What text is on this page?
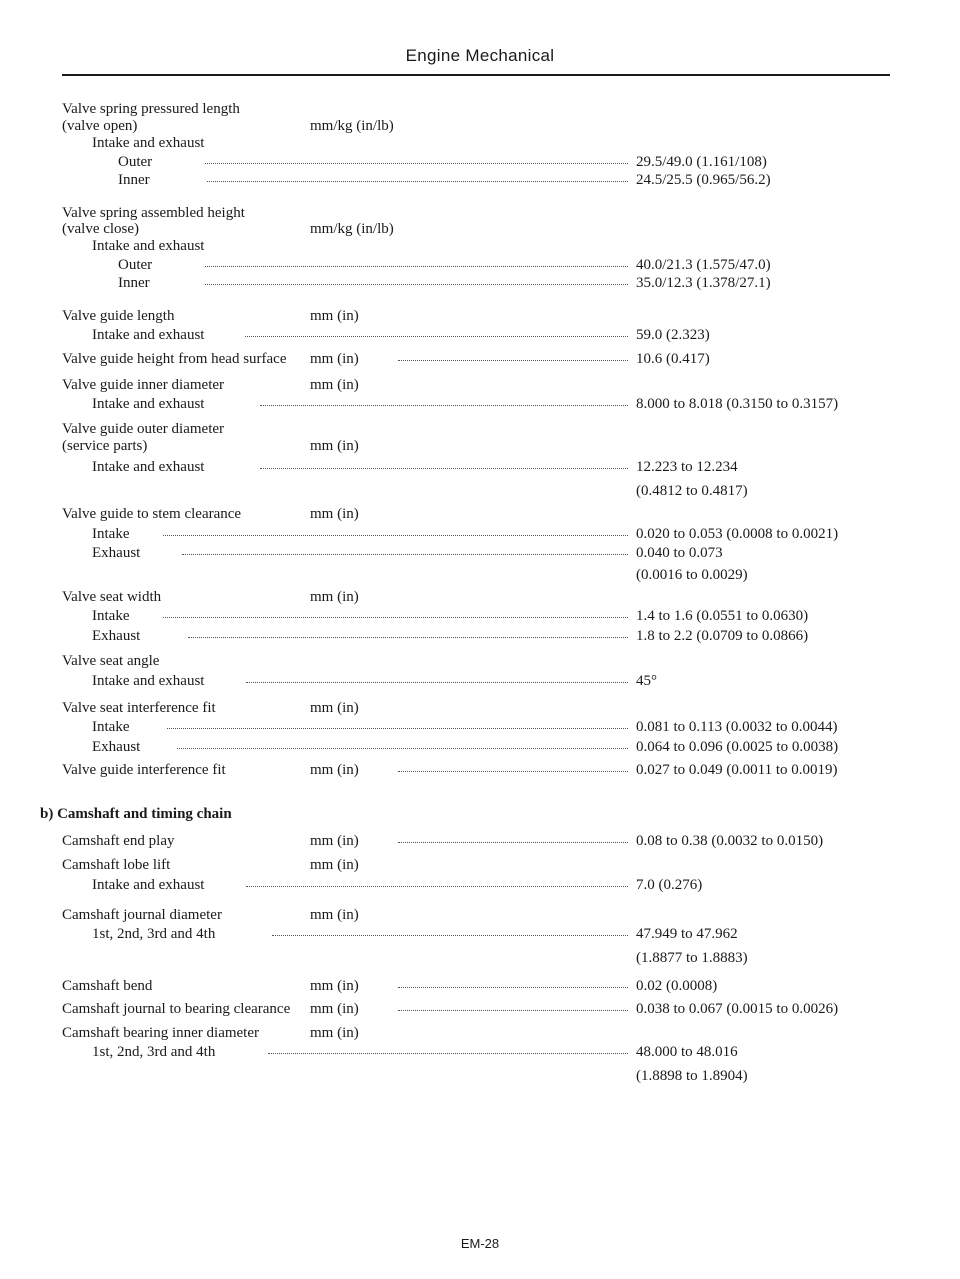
Engine Mechanical
Valve spring pressured length
(valve open)	mm/kg (in/lb)
Intake and exhaust
Outer	29.5/49.0 (1.161/108)
Inner	24.5/25.5 (0.965/56.2)
Valve spring assembled height
(valve close)	mm/kg (in/lb)
Intake and exhaust
Outer	40.0/21.3 (1.575/47.0)
Inner	35.0/12.3 (1.378/27.1)
Valve guide length	mm (in)
Intake and exhaust	59.0 (2.323)
Valve guide height from head surface mm (in)	10.6 (0.417)
Valve guide inner diameter	mm (in)
Intake and exhaust	8.000 to 8.018 (0.3150 to 0.3157)
Valve guide outer diameter
(service parts)	mm (in)
Intake and exhaust	12.223 to 12.234
(0.4812 to 0.4817)
Valve guide to stem clearance	mm (in)
Intake	0.020 to 0.053 (0.0008 to 0.0021)
Exhaust	0.040 to 0.073
(0.0016 to 0.0029)
Valve seat width	mm (in)
Intake	1.4 to 1.6 (0.0551 to 0.0630)
Exhaust	1.8 to 2.2 (0.0709 to 0.0866)
Valve seat angle
Intake and exhaust	45°
Valve seat interference fit	mm (in)
Intake	0.081 to 0.113 (0.0032 to 0.0044)
Exhaust	0.064 to 0.096 (0.0025 to 0.0038)
Valve guide interference fit	mm (in)	0.027 to 0.049 (0.0011 to 0.0019)
b) Camshaft and timing chain
Camshaft end play	mm (in)	0.08 to 0.38 (0.0032 to 0.0150)
Camshaft lobe lift	mm (in)
Intake and exhaust	7.0 (0.276)
Camshaft journal diameter	mm (in)
1st, 2nd, 3rd and 4th	47.949 to 47.962
(1.8877 to 1.8883)
Camshaft bend	mm (in)	0.02 (0.0008)
Camshaft journal to bearing clearance mm (in)	0.038 to 0.067 (0.0015 to 0.0026)
Camshaft bearing inner diameter	mm (in)
1st, 2nd, 3rd and 4th	48.000 to 48.016
(1.8898 to 1.8904)
EM-28
